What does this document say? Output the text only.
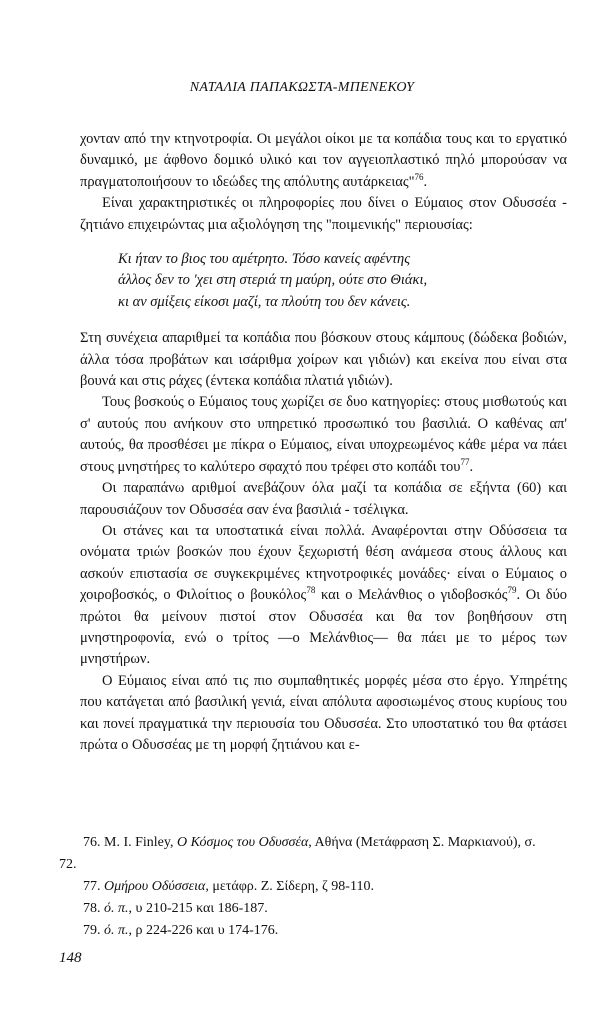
ΝΑΤΑΛΙΑ ΠΑΠΑΚΩΣΤΑ-ΜΠΕΝΕΚΟΥ

χονταν από την κτηνοτροφία. Οι μεγάλοι οίκοι με τα κοπάδια τους και το εργατικό δυναμικό, με άφθονο δομικό υλικό και τον αγγειοπλαστικό πηλό μπορούσαν να πραγματοποιήσουν το ιδεώδες της απόλυτης αυτάρκειας"$^{76}$.

Είναι χαρακτηριστικές οι πληροφορίες που δίνει ο Εύμαιος στον Οδυσσέα - ζητιάνο επιχειρώντας μια αξιολόγηση της "ποιμενικής" περιουσίας:

Κι ήταν το βιος του αμέτρητο. Τόσο κανείς αφέντης
άλλος δεν το 'χει στη στεριά τη μαύρη, ούτε στο Θιάκι,
κι αν σμίξεις είκοσι μαζί, τα πλούτη του δεν κάνεις.

Στη συνέχεια απαριθμεί τα κοπάδια που βόσκουν στους κάμπους (δώδεκα βοδιών, άλλα τόσα προβάτων και ισάριθμα χοίρων και γιδιών) και εκείνα που είναι στα βουνά και στις ράχες (έντεκα κοπάδια πλατιά γιδιών).

Τους βοσκούς ο Εύμαιος τους χωρίζει σε δυο κατηγορίες: στους μισθωτούς και σ' αυτούς που ανήκουν στο υπηρετικό προσωπικό του βασιλιά. Ο καθένας απ' αυτούς, θα προσθέσει με πίκρα ο Εύμαιος, είναι υποχρεωμένος κάθε μέρα να πάει στους μνηστήρες το καλύτερο σφαχτό που τρέφει στο κοπάδι του$^{77}$.

Οι παραπάνω αριθμοί ανεβάζουν όλα μαζί τα κοπάδια σε εξήντα (60) και παρουσιάζουν τον Οδυσσέα σαν ένα βασιλιά - τσέλιγκα.

Οι στάνες και τα υποστατικά είναι πολλά. Αναφέρονται στην Οδύσσεια τα ονόματα τριών βοσκών που έχουν ξεχωριστή θέση ανάμεσα στους άλλους και ασκούν επιστασία σε συγκεκριμένες κτηνοτροφικές μονάδες· είναι ο Εύμαιος ο χοιροβοσκός, ο Φιλοίτιος ο βουκόλος$^{78}$ και ο Μελάνθιος ο γιδοβοσκός$^{79}$. Οι δύο πρώτοι θα μείνουν πιστοί στον Οδυσσέα και θα τον βοηθήσουν στη μνηστηροφονία, ενώ ο τρίτος —ο Μελάνθιος— θα πάει με το μέρος των μνηστήρων.

Ο Εύμαιος είναι από τις πιο συμπαθητικές μορφές μέσα στο έργο. Υπηρέτης που κατάγεται από βασιλική γενιά, είναι απόλυτα αφοσιωμένος στους κυρίους του και πονεί πραγματικά την περιουσία του Οδυσσέα. Στο υποστατικό του θα φτάσει πρώτα ο Οδυσσέας με τη μορφή ζητιάνου και ε-

76. M. I. Finley, Ο Κόσμος του Οδυσσέα, Αθήνα (Μετάφραση Σ. Μαρκιανού), σ.

72.

77. Ομήρου Οδύσσεια, μετάφρ. Ζ. Σίδερη, ζ 98-110.

78. ό. π., υ 210-215 και 186-187.

79. ό. π., ρ 224-226 και υ 174-176.

148
